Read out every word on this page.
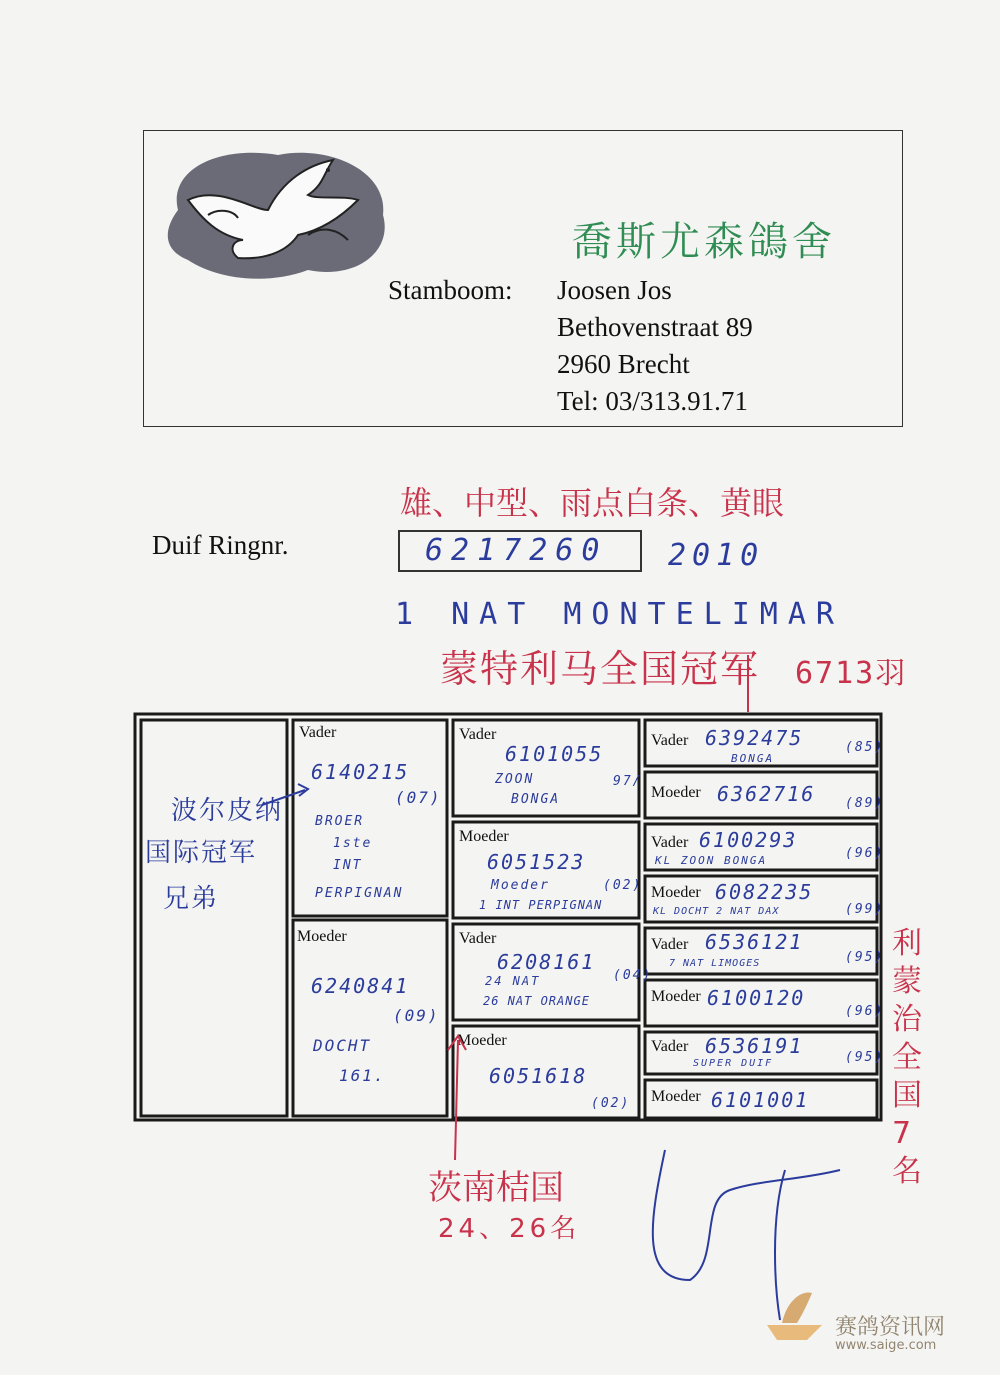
喬斯尤森鴿舍
Stamboom: Joosen Jos
Bethovenstraat 89
2960 Brecht
Tel: 03/313.91.71
雄、中型、雨点白条、黄眼
Duif Ringnr.	6217260 2010
1 NAT MONTELIMAR
蒙特利马全国冠军 6713羽
波尔皮纳
国际冠军
兄弟
Vader
6140215
(07)
BROER
1ste
INT
PERPIGNAN
Moeder
6240841
(09)
DOCHT
161.
Vader
6101055
ZOON	97/
BONGA
Moeder
6051523
Moeder	(02)
1 INT PERPIGNAN
Vader
6208161
(04)
24 NAT
26 NAT ORANGE
Moeder
6051618
(02)
Vader 6392475	(85)
BONGA
Moeder 6362716 (89)
Vader 6100293
(96)
KL ZOON BONGA
Moeder 6082235
(99)
KL DOCHT 2 NAT DAX
Vader 6536121
(95)
7 NAT LIMOGES
Moeder 6100120
(96)
Vader 6536191	(95)
SUPER DUIF
Moeder 6101001
利蒙治全国7名
茨南桔国
24、26名
赛鸽资讯网
www.saige.com
